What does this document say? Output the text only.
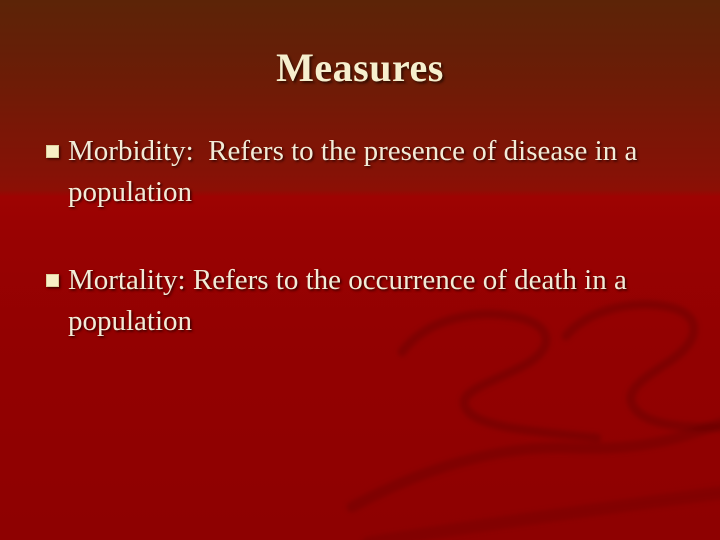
Measures
Morbidity:  Refers to the presence of disease in a
population
Mortality: Refers to the occurrence of death in a
population
